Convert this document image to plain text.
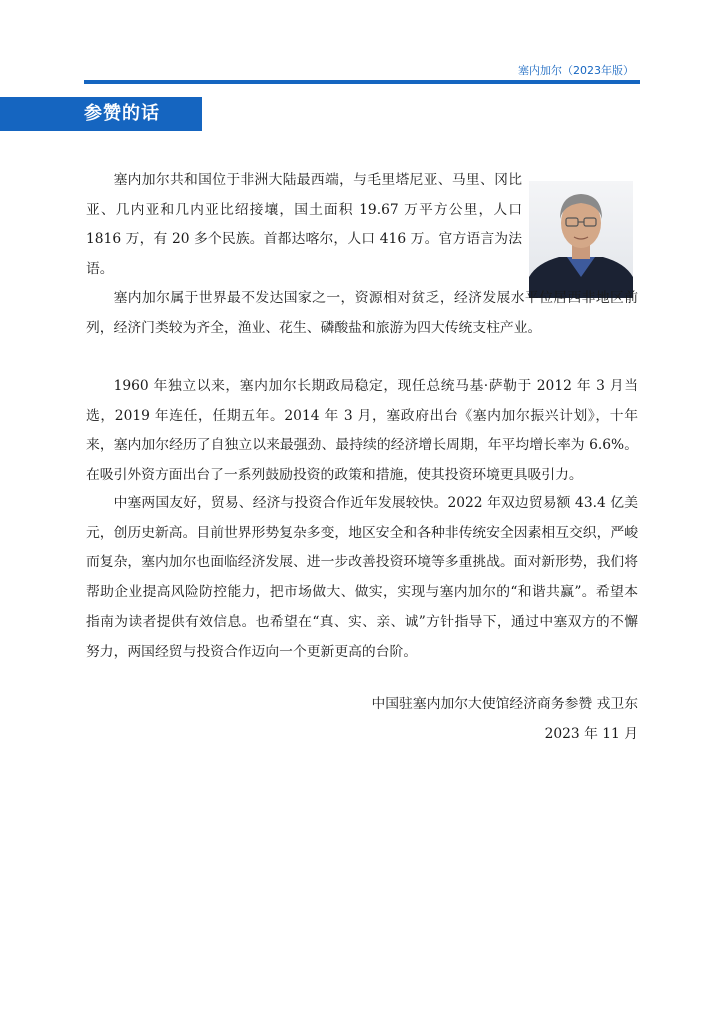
塞内加尔（2023年版）
参赞的话

塞内加尔共和国位于非洲大陆最西端，与毛里塔尼亚、马里、冈比亚、几内亚和几内亚比绍接壤，国土面积 19.67 万平方公里，人口 1816 万，有 20 多个民族。首都达喀尔，人口 416 万。官方语言为法语。

塞内加尔属于世界最不发达国家之一，资源相对贫乏，经济发展水平位居西非地区前列，经济门类较为齐全，渔业、花生、磷酸盐和旅游为四大传统支柱产业。

1960 年独立以来，塞内加尔长期政局稳定，现任总统马基·萨勒于 2012 年 3 月当选，2019 年连任，任期五年。2014 年 3 月，塞政府出台《塞内加尔振兴计划》，十年来，塞内加尔经历了自独立以来最强劲、最持续的经济增长周期，年平均增长率为 6.6%。在吸引外资方面出台了一系列鼓励投资的政策和措施，使其投资环境更具吸引力。

中塞两国友好，贸易、经济与投资合作近年发展较快。2022 年双边贸易额 43.4 亿美元，创历史新高。目前世界形势复杂多变，地区安全和各种非传统安全因素相互交织，严峻而复杂，塞内加尔也面临经济发展、进一步改善投资环境等多重挑战。面对新形势，我们将帮助企业提高风险防控能力，把市场做大、做实，实现与塞内加尔的“和谐共赢”。希望本指南为读者提供有效信息。也希望在“真、实、亲、诚”方针指导下，通过中塞双方的不懈努力，两国经贸与投资合作迈向一个更新更高的台阶。

中国驻塞内加尔大使馆经济商务参赞 戎卫东
2023 年 11 月
